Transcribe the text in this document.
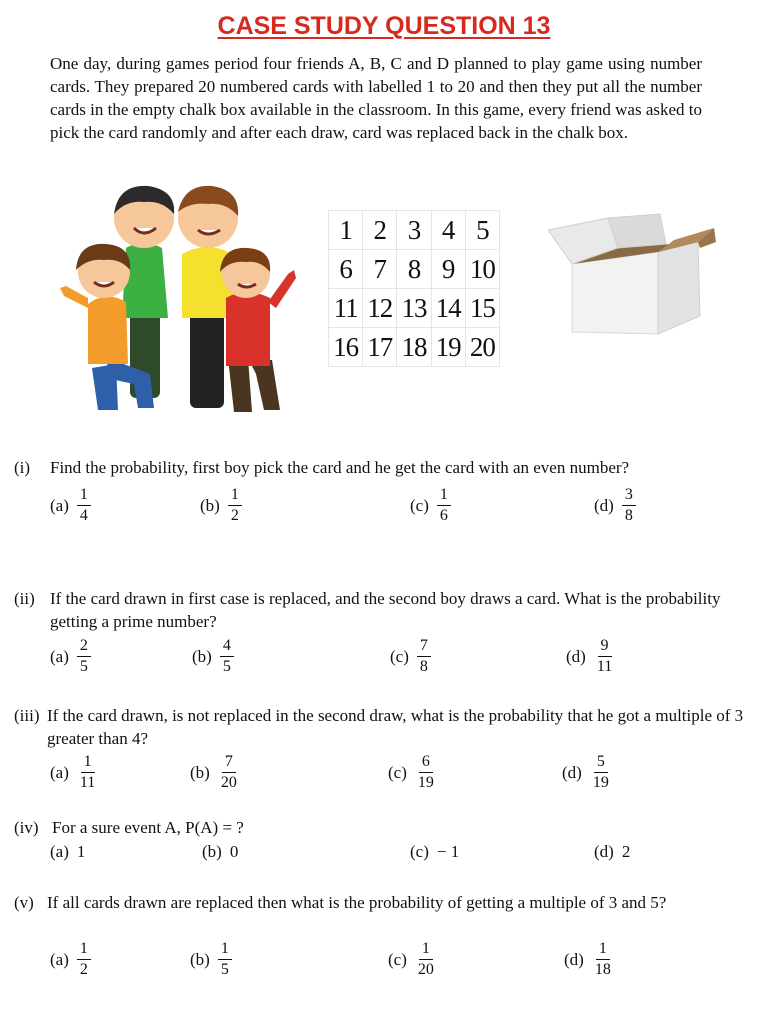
CASE STUDY QUESTION 13
One day, during games period four friends A, B, C and D planned to play game using number cards. They prepared 20 numbered cards with labelled 1 to 20 and then they put all the number cards in the empty chalk box available in the classroom. In this game, every friend was asked to pick the card randomly and after each draw, card was replaced back in the chalk box.
1	2	3	4	5
6	7	8	9	10
11	12	13	14	15
16	17	18	19	20
(i) Find the probability, first boy pick the card and he get the card with an even number?
$(a) \frac{1}{4}$	$(b) \frac{1}{2}$	$(c) \frac{1}{6}$	$(d) \frac{3}{8}$
(ii) If the card drawn in first case is replaced, and the second boy draws a card. What is the probability getting a prime number?
$(a) \frac{2}{5}$	$(b) \frac{4}{5}$	$(c) \frac{7}{8}$	$(d) \frac{9}{11}$
(iii) If the card drawn, is not replaced in the second draw, what is the probability that he got a multiple of 3 greater than 4?
$(a) \frac{1}{11}$	$(b) \frac{7}{20}$	$(c) \frac{6}{19}$	$(d) \frac{5}{19}$
(iv) For a sure event A, P(A) = ?
(a) 1	(b) 0	(c) − 1	(d) 2
(v) If all cards drawn are replaced then what is the probability of getting a multiple of 3 and 5?
$(a) \frac{1}{2}$	$(b) \frac{1}{5}$	$(c) \frac{1}{20}$	$(d) \frac{1}{18}$
